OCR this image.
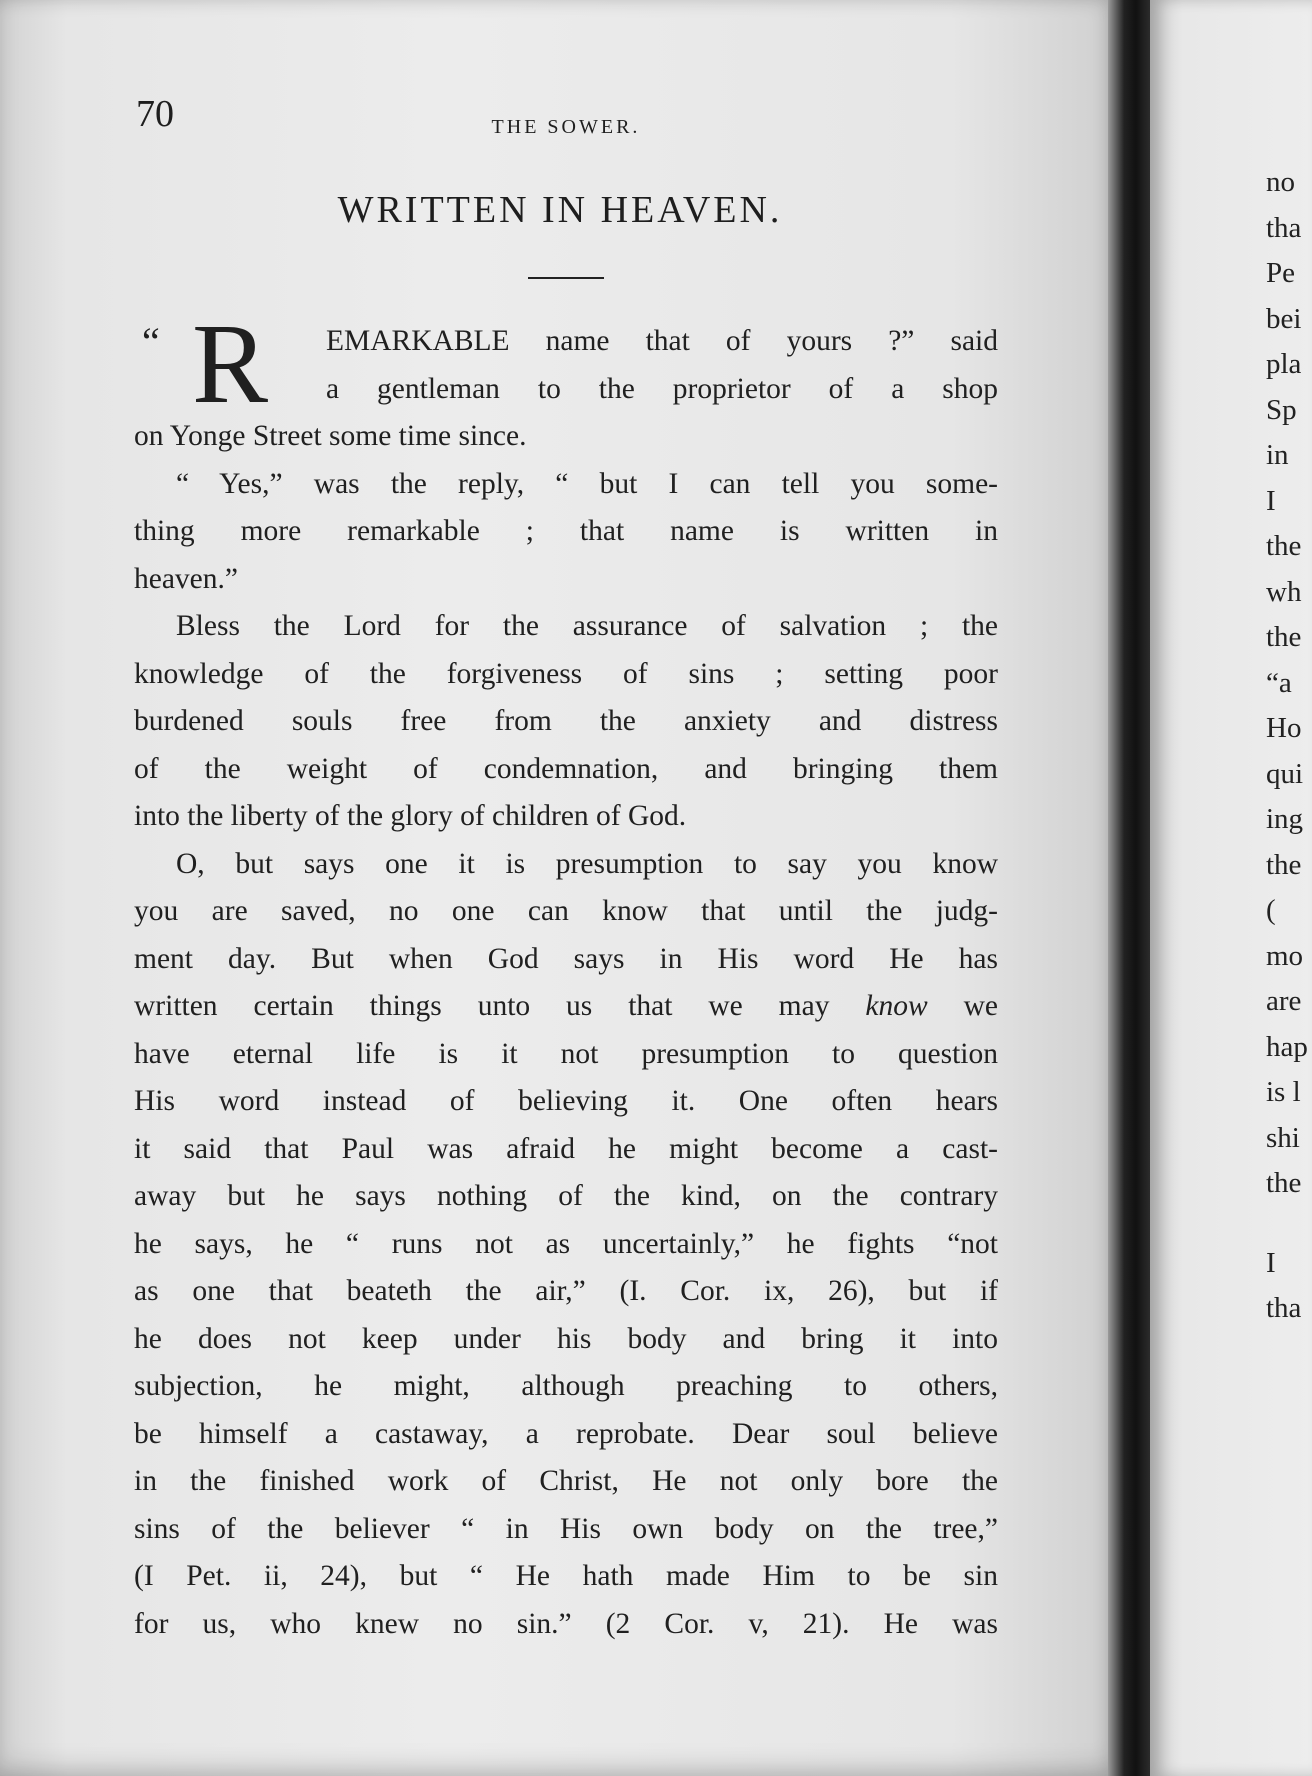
70	THE SOWER.
WRITTEN IN HEAVEN.
“ R	EMARKABLE name that of yours ?” said
a gentleman to the proprietor of a shop
on Yonge Street some time since.
“ Yes,” was the reply, “ but I can tell you some-
thing more remarkable ; that name is written in
heaven.”
Bless the Lord for the assurance of salvation ; the
knowledge of the forgiveness of sins ; setting poor
burdened souls free from the anxiety and distress
of the weight of condemnation, and bringing them
into the liberty of the glory of children of God.
O, but says one it is presumption to say you know
you are saved, no one can know that until the judg-
ment day. But when God says in His word He has
written certain things unto us that we may know we
have eternal life is it not presumption to question
His word instead of believing it. One often hears
it said that Paul was afraid he might become a cast-
away but he says nothing of the kind, on the contrary
he says, he “ runs not as uncertainly,” he fights “not
as one that beateth the air,” (I. Cor. ix, 26), but if
he does not keep under his body and bring it into
subjection, he might, although preaching to others,
be himself a castaway, a reprobate. Dear soul believe
in the finished work of Christ, He not only bore the
sins of the believer “ in His own body on the tree,”
(I Pet. ii, 24), but “ He hath made Him to be sin
for us, who knew no sin.” (2 Cor. v, 21). He was
no
tha
Pe
bei
pla
Sp
in
I
the
wh
the
“a
Ho
qui
ing
the
(
mo
are
hap
is l
shi
the
I
tha
